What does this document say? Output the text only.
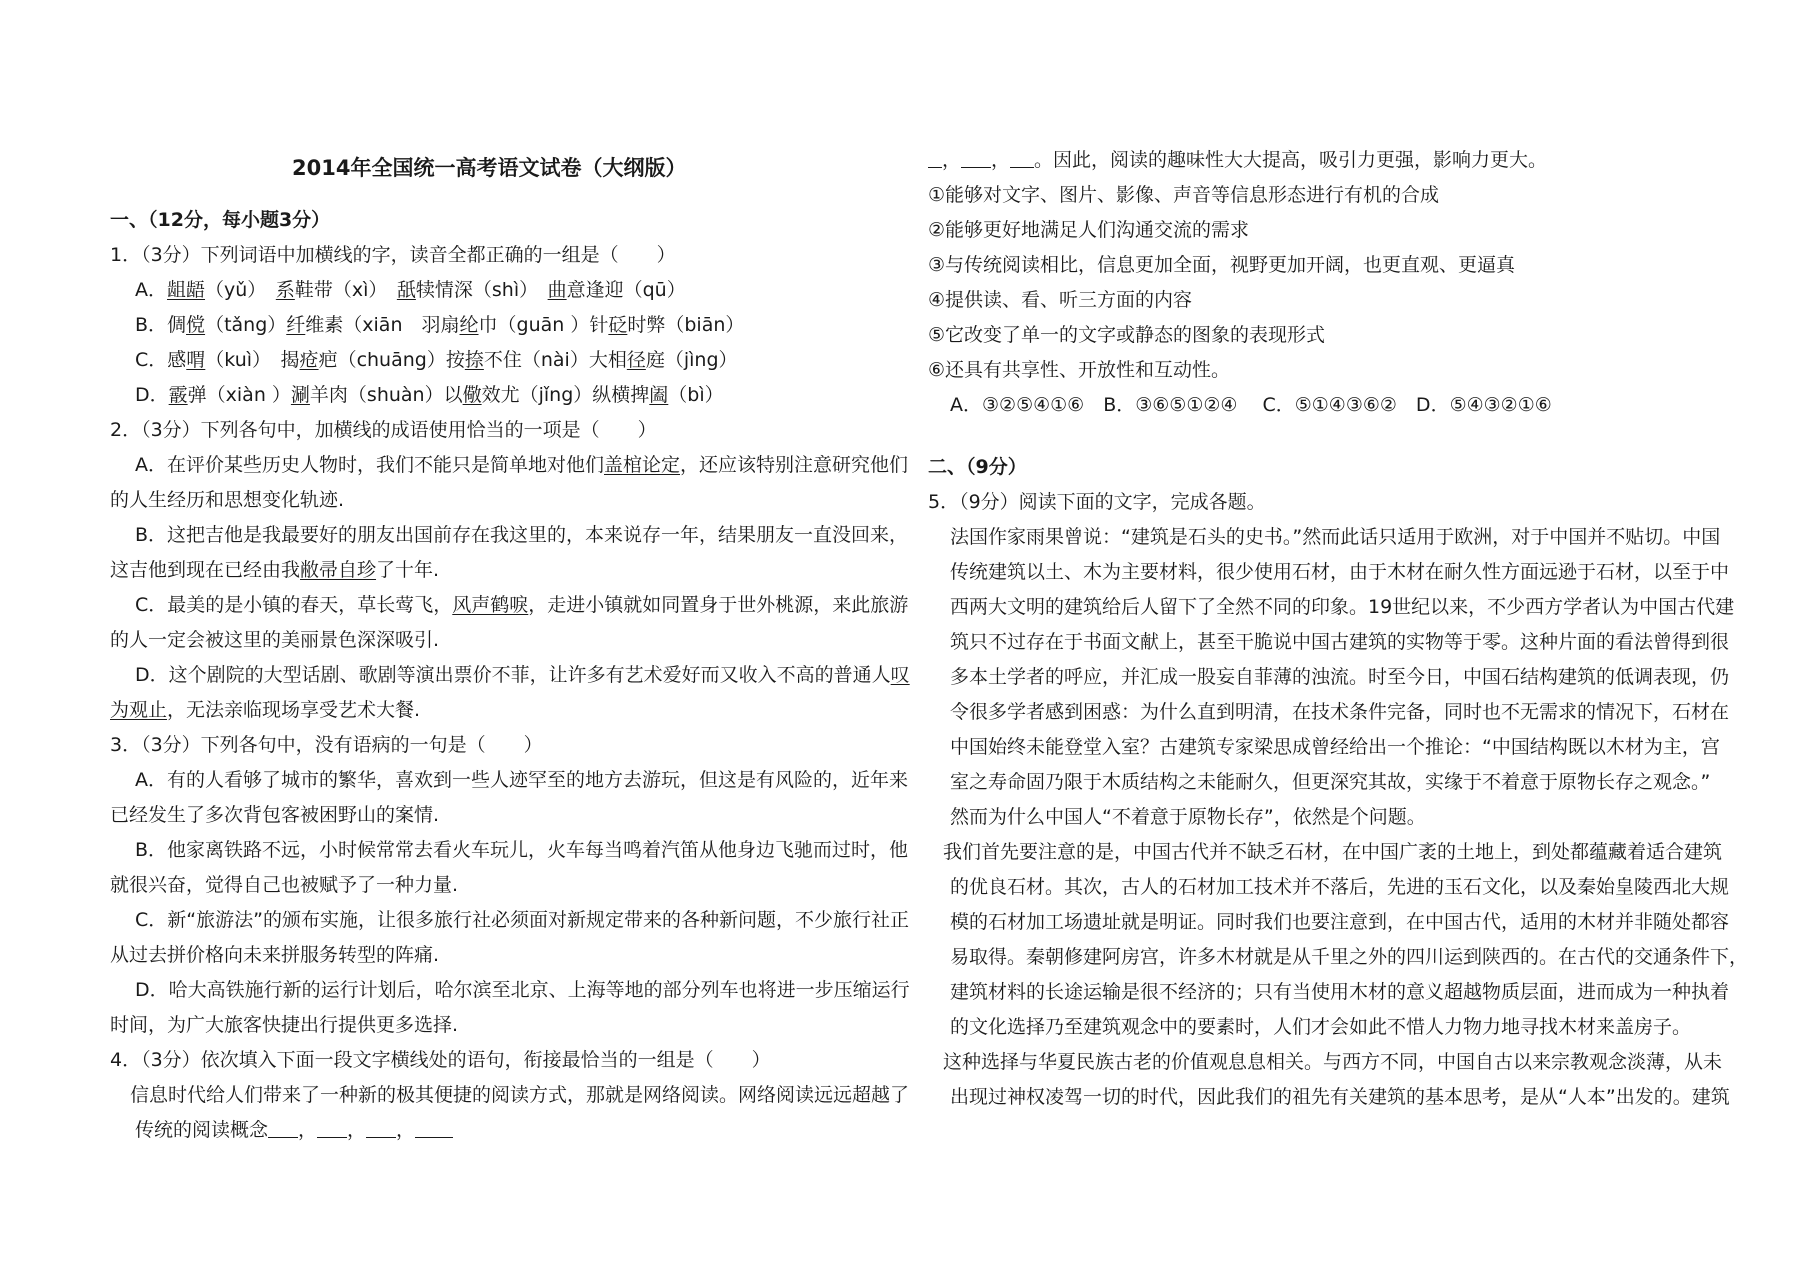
2014年全国统一高考语文试卷（大纲版）
一、（12分，每小题3分）
1．（3分）下列词语中加横线的字，读音全都正确的一组是（　　）
A．龃龉（yǔ）　系鞋带（xì）　舐犊情深（shì）　曲意逢迎（qū）
B．倜傥（tǎng）纤维素（xiān　羽扇纶巾（guān ）针砭时弊（biān）
C．感喟（kuì）　揭疮疤（chuāng）按捺不住（nài）大相径庭（jìng）
D．霰弹（xiàn ）涮羊肉（shuàn）以儆效尤（jǐng）纵横捭阖（bì）
2．（3分）下列各句中，加横线的成语使用恰当的一项是（　　）
A．在评价某些历史人物时，我们不能只是简单地对他们盖棺论定，还应该特别注意研究他们
的人生经历和思想变化轨迹.
B．这把吉他是我最要好的朋友出国前存在我这里的，本来说存一年，结果朋友一直没回来，
这吉他到现在已经由我敝帚自珍了十年.
C．最美的是小镇的春天，草长莺飞，风声鹤唳，走进小镇就如同置身于世外桃源，来此旅游
的人一定会被这里的美丽景色深深吸引.
D．这个剧院的大型话剧、歌剧等演出票价不菲，让许多有艺术爱好而又收入不高的普通人叹
为观止，无法亲临现场享受艺术大餐.
3．（3分）下列各句中，没有语病的一句是（　　）
A．有的人看够了城市的繁华，喜欢到一些人迹罕至的地方去游玩，但这是有风险的，近年来
已经发生了多次背包客被困野山的案情.
B．他家离铁路不远，小时候常常去看火车玩儿，火车每当鸣着汽笛从他身边飞驰而过时，他
就很兴奋，觉得自己也被赋予了一种力量.
C．新“旅游法”的颁布实施，让很多旅行社必须面对新规定带来的各种新问题，不少旅行社正
从过去拼价格向未来拼服务转型的阵痛.
D．哈大高铁施行新的运行计划后，哈尔滨至北京、上海等地的部分列车也将进一步压缩运行
时间，为广大旅客快捷出行提供更多选择.
4．（3分）依次填入下面一段文字横线处的语句，衔接最恰当的一组是（　　）
信息时代给人们带来了一种新的极其便捷的阅读方式，那就是网络阅读。网络阅读远远超越了
传统的阅读概念 ， ， ，
， ， 。因此，阅读的趣味性大大提高，吸引力更强，影响力更大。
①能够对文字、图片、影像、声音等信息形态进行有机的合成
②能够更好地满足人们沟通交流的需求
③与传统阅读相比，信息更加全面，视野更加开阔，也更直观、更逼真
④提供读、看、听三方面的内容
⑤它改变了单一的文字或静态的图象的表现形式
⑥还具有共享性、开放性和互动性。
A．③②⑤④①⑥　B．③⑥⑤①②④　 C．⑤①④③⑥②　D．⑤④③②①⑥
二、（9分）
5．（9分）阅读下面的文字，完成各题。
法国作家雨果曾说：“建筑是石头的史书。”然而此话只适用于欧洲，对于中国并不贴切。中国
传统建筑以土、木为主要材料，很少使用石材，由于木材在耐久性方面远逊于石材，以至于中
西两大文明的建筑给后人留下了全然不同的印象。19世纪以来，不少西方学者认为中国古代建
筑只不过存在于书面文献上，甚至干脆说中国古建筑的实物等于零。这种片面的看法曾得到很
多本土学者的呼应，并汇成一股妄自菲薄的浊流。时至今日，中国石结构建筑的低调表现，仍
令很多学者感到困惑：为什么直到明清，在技术条件完备，同时也不无需求的情况下，石材在
中国始终未能登堂入室？古建筑专家梁思成曾经给出一个推论：“中国结构既以木材为主，宫
室之寿命固乃限于木质结构之未能耐久，但更深究其故，实缘于不着意于原物长存之观念。”
然而为什么中国人“不着意于原物长存”，依然是个问题。
我们首先要注意的是，中国古代并不缺乏石材，在中国广袤的土地上，到处都蕴藏着适合建筑
的优良石材。其次，古人的石材加工技术并不落后，先进的玉石文化，以及秦始皇陵西北大规
模的石材加工场遗址就是明证。同时我们也要注意到，在中国古代，适用的木材并非随处都容
易取得。秦朝修建阿房宫，许多木材就是从千里之外的四川运到陕西的。在古代的交通条件下，
建筑材料的长途运输是很不经济的；只有当使用木材的意义超越物质层面，进而成为一种执着
的文化选择乃至建筑观念中的要素时，人们才会如此不惜人力物力地寻找木材来盖房子。
这种选择与华夏民族古老的价值观息息相关。与西方不同，中国自古以来宗教观念淡薄，从未
出现过神权凌驾一切的时代，因此我们的祖先有关建筑的基本思考，是从“人本”出发的。建筑
